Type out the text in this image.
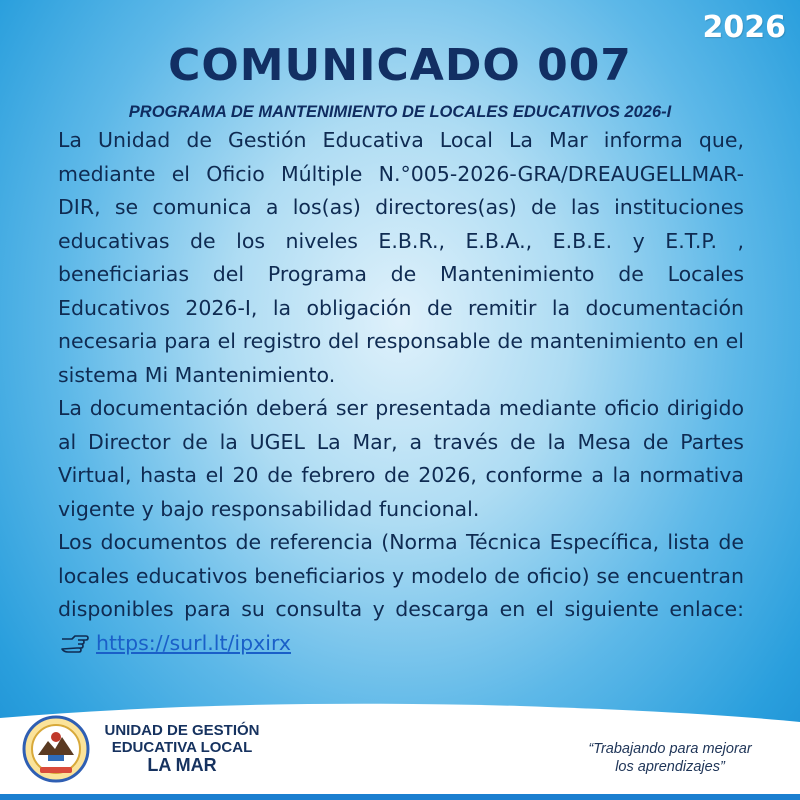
2026
COMUNICADO 007
PROGRAMA DE MANTENIMIENTO DE LOCALES EDUCATIVOS 2026-I

La Unidad de Gestión Educativa Local La Mar informa que, mediante el Oficio Múltiple N.°005-2026-GRA/DREAUGELLMAR-DIR, se comunica a los(as) directores(as) de las instituciones educativas de los niveles E.B.R., E.B.A., E.B.E. y E.T.P. , beneficiarias del Programa de Mantenimiento de Locales Educativos 2026-I, la obligación de remitir la documentación necesaria para el registro del responsable de mantenimiento en el sistema Mi Mantenimiento.

La documentación deberá ser presentada mediante oficio dirigido al Director de la UGEL La Mar, a través de la Mesa de Partes Virtual, hasta el 20 de febrero de 2026, conforme a la normativa vigente y bajo responsabilidad funcional.

Los documentos de referencia (Norma Técnica Específica, lista de locales educativos beneficiarios y modelo de oficio) se encuentran disponibles para su consulta y descarga en el siguiente enlace:https://surl.lt/ipxirx

UNIDAD DE GESTIÓN
EDUCATIVA LOCAL
LA MAR
“Trabajando para mejorar
los aprendizajes”
